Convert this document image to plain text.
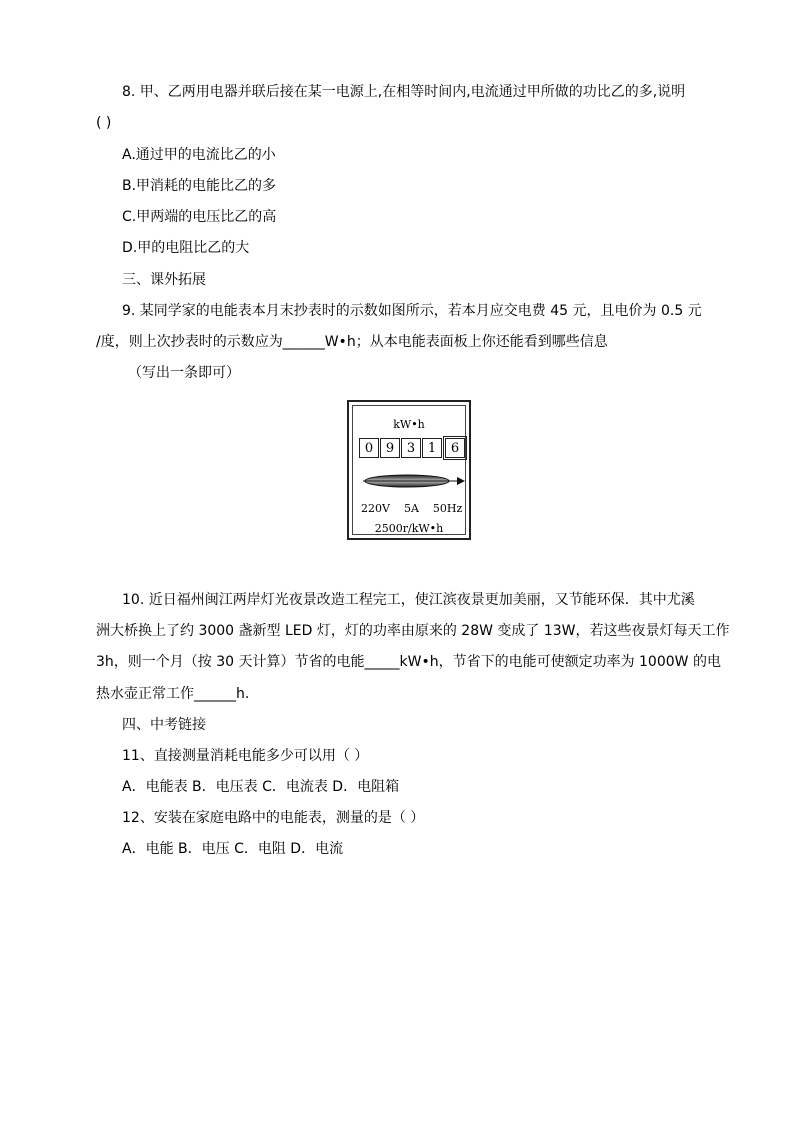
8. 甲、乙两用电器并联后接在某一电源上,在相等时间内,电流通过甲所做的功比乙的多,说明
( )
A.通过甲的电流比乙的小
B.甲消耗的电能比乙的多
C.甲两端的电压比乙的高
D.甲的电阻比乙的大
三、课外拓展
9. 某同学家的电能表本月末抄表时的示数如图所示，若本月应交电费 45 元，且电价为 0.5 元
/度，则上次抄表时的示数应为______W•h；从本电能表面板上你还能看到哪些信息
（写出一条即可）
kW•h
0 9 3 1	6
220V 5A 50Hz
2500r/kW•h
10. 近日福州闽江两岸灯光夜景改造工程完工，使江滨夜景更加美丽，又节能环保．其中尤溪
洲大桥换上了约 3000 盏新型 LED 灯，灯的功率由原来的 28W 变成了 13W，若这些夜景灯每天工作
3h，则一个月（按 30 天计算）节省的电能_____kW•h，节省下的电能可使额定功率为 1000W 的电
热水壶正常工作______h.
四、中考链接
11、直接测量消耗电能多少可以用（ ）
A．电能表 B．电压表 C．电流表 D．电阻箱
12、安装在家庭电路中的电能表，测量的是（ ）
A．电能 B．电压 C．电阻 D．电流
